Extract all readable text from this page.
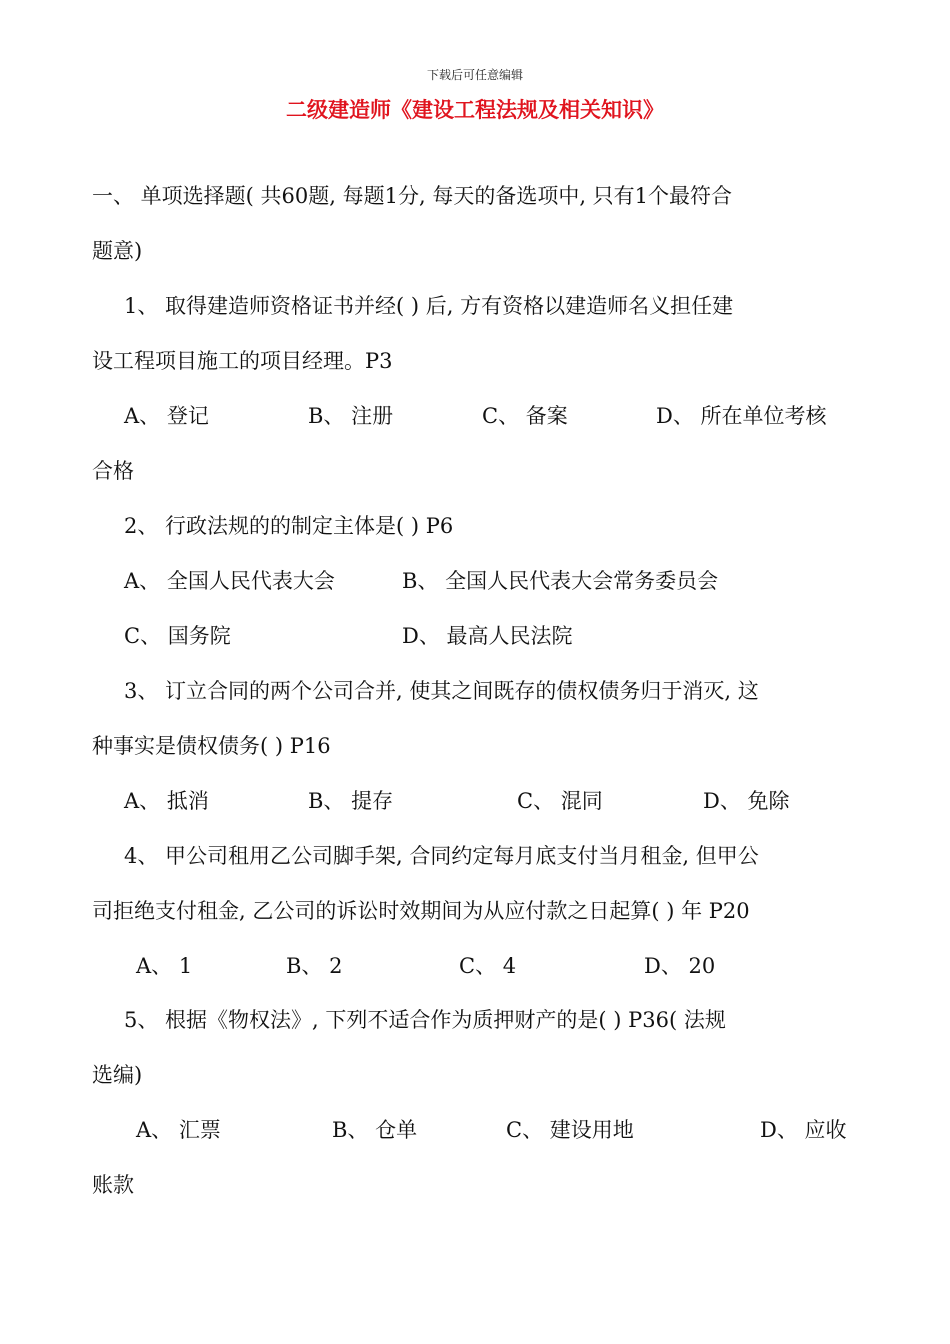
下载后可任意编辑
二级建造师《建设工程法规及相关知识》
一、 单项选择题( 共60题, 每题1分, 每天的备选项中, 只有1个最符合
题意)
1、 取得建造师资格证书并经( ) 后, 方有资格以建造师名义担任建
设工程项目施工的项目经理。P3
A、 登记	B、 注册	C、 备案	D、 所在单位考核
合格
2、 行政法规的的制定主体是( ) P6
A、 全国人民代表大会	B、 全国人民代表大会常务委员会
C、 国务院	D、 最高人民法院
3、 订立合同的两个公司合并, 使其之间既存的债权债务归于消灭, 这
种事实是债权债务( ) P16
A、 抵消	B、 提存	C、 混同	D、 免除
4、 甲公司租用乙公司脚手架, 合同约定每月底支付当月租金, 但甲公
司拒绝支付租金, 乙公司的诉讼时效期间为从应付款之日起算( ) 年 P20
A、 1	B、 2	C、 4	D、 20
5、 根据《物权法》, 下列不适合作为质押财产的是( ) P36( 法规
选编)
A、 汇票	B、 仓单	C、 建设用地	D、 应收
账款
